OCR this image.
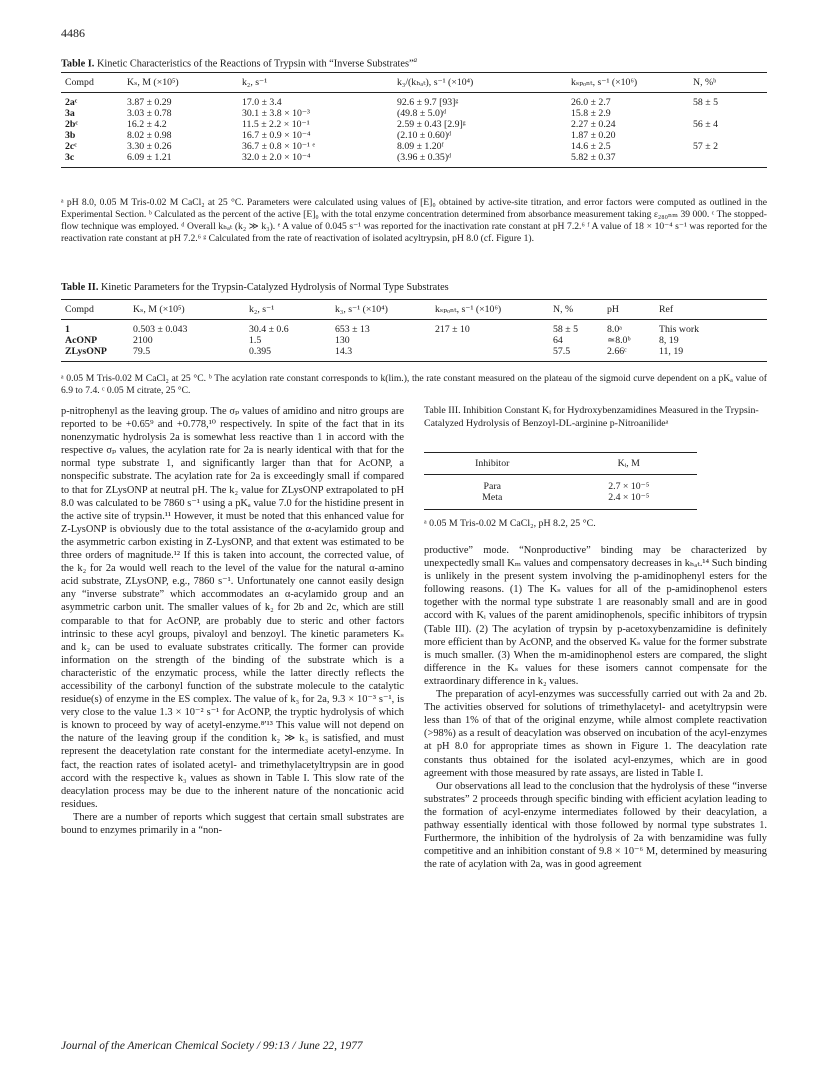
4486
Table I. Kinetic Characteristics of the Reactions of Trypsin with “Inverse Substrates”$^a$
Compd	Kₛ, M (×10⁵)	k₂, s⁻¹	k₃/(kₕₐₜ), s⁻¹ (×10⁴)	kₛₚₒₙₜ, s⁻¹ (×10⁶)	N, %ᵇ
2aᶜ	3.87 ± 0.29	17.0 ± 3.4	92.6 ± 9.7 [93]ᵍ	26.0 ± 2.7	58 ± 5
3a	3.03 ± 0.78	30.1 ± 3.8 × 10⁻³	(49.8 ± 5.0)ᵈ	15.8 ± 2.9	
2bᶜ	16.2 ± 4.2	11.5 ± 2.2 × 10⁻¹	2.59 ± 0.43 [2.9]ᵍ	2.27 ± 0.24	56 ± 4
3b	8.02 ± 0.98	16.7 ± 0.9 × 10⁻⁴	(2.10 ± 0.60)ᵈ	1.87 ± 0.20	
2cᶜ	3.30 ± 0.26	36.7 ± 0.8 × 10⁻¹ ᵉ	8.09 ± 1.20ᶠ	14.6 ± 2.5	57 ± 2
3c	6.09 ± 1.21	32.0 ± 2.0 × 10⁻⁴	(3.96 ± 0.35)ᵈ	5.82 ± 0.37	
ᵃ pH 8.0, 0.05 M Tris-0.02 M CaCl₂ at 25 °C. Parameters were calculated using values of [E]₀ obtained by active-site titration, and error factors were computed as outlined in the Experimental Section. ᵇ Calculated as the percent of the active [E]₀ with the total enzyme concentration determined from absorbance measurement taking ε₂₈₀ₙₘ 39 000. ᶜ The stopped-flow technique was employed. ᵈ Overall kₕₐₜ (k₂ ≫ k₃). ᵉ A value of 0.045 s⁻¹ was reported for the inactivation rate constant at pH 7.2.⁶ ᶠ A value of 18 × 10⁻⁴ s⁻¹ was reported for the reactivation rate constant at pH 7.2.⁶ ᵍ Calculated from the rate of reactivation of isolated acyltrypsin, pH 8.0 (cf. Figure 1).
Table II. Kinetic Parameters for the Trypsin-Catalyzed Hydrolysis of Normal Type Substrates
Compd	Kₛ, M (×10⁵)	k₂, s⁻¹	k₃, s⁻¹ (×10⁴)	kₛₚₒₙₜ, s⁻¹ (×10⁶)	N, %	pH	Ref
1	0.503 ± 0.043	30.4 ± 0.6	653 ± 13	217 ± 10	58 ± 5	8.0ᵃ	This work
AcONP	2100	1.5	130		64	≃8.0ᵇ	8, 19
ZLysONP	79.5	0.395	14.3		57.5	2.66ᶜ	11, 19
ᵃ 0.05 M Tris-0.02 M CaCl₂ at 25 °C. ᵇ The acylation rate constant corresponds to k(lim.), the rate constant measured on the plateau of the sigmoid curve dependent on a pKₐ value of 6.9 to 7.4. ᶜ 0.05 M citrate, 25 °C.

p-nitrophenyl as the leaving group. The σₚ values of amidino and nitro groups are reported to be +0.65⁹ and +0.778,¹⁰ respectively. In spite of the fact that in its nonenzymatic hydrolysis 2a is somewhat less reactive than 1 in accord with the respective σₚ values, the acylation rate for 2a is nearly identical with that for the normal type substrate 1, and significantly larger than that for AcONP, a nonspecific substrate. The acylation rate for 2a is exceedingly small if compared to that for ZLysONP at neutral pH. The k₂ value for ZLysONP extrapolated to pH 8.0 was calculated to be 7860 s⁻¹ using a pKₐ value 7.0 for the histidine present in the active site of trypsin.¹¹ However, it must be noted that this enhanced value for Z-LysONP is obviously due to the total assistance of the α-acylamido group and the asymmetric carbon existing in Z-LysONP, and that extent was estimated to be three orders of magnitude.¹² If this is taken into account, the corrected value, of the k₂ for 2a would well reach to the level of the value for the natural α-amino acid substrate, ZLysONP, e.g., 7860 s⁻¹. Unfortunately one cannot easily design any “inverse substrate” which accommodates an α-acylamido group and an asymmetric carbon unit. The smaller values of k₂ for 2b and 2c, which are still comparable to that for AcONP, are probably due to steric and other factors intrinsic to these acyl groups, pivaloyl and benzoyl. The kinetic parameters Kₛ and k₂ can be used to evaluate substrates critically. The former can provide information on the strength of the binding of the substrate which is a characteristic of the enzymatic process, while the latter directly reflects the accessibility of the carbonyl function of the substrate molecule to the catalytic residue(s) of enzyme in the ES complex. The value of k₃ for 2a, 9.3 × 10⁻³ s⁻¹, is very close to the value 1.3 × 10⁻² s⁻¹ for AcONP, the tryptic hydrolysis of which is known to proceed by way of acetyl-enzyme.⁸ʹ¹³ This value will not depend on the nature of the leaving group if the condition k₂ ≫ k₃ is satisfied, and must represent the deacetylation rate constant for the intermediate acetyl-enzyme. In fact, the reaction rates of isolated acetyl- and trimethylacetyltrypsin are in good accord with the respective k₃ values as shown in Table I. This slow rate of the deacylation process may be due to the inherent nature of the noncationic acid residues.

There are a number of reports which suggest that certain small substrates are bound to enzymes primarily in a “non-

Table III. Inhibition Constant Kᵢ for Hydroxybenzamidines Measured in the Trypsin-Catalyzed Hydrolysis of Benzoyl-DL-arginine p-Nitroanilideᵃ
Inhibitor	Kᵢ, M
Para	2.7 × 10⁻⁵
Meta	2.4 × 10⁻⁵
ᵃ 0.05 M Tris-0.02 M CaCl₂, pH 8.2, 25 °C.

productive” mode. “Nonproductive” binding may be characterized by unexpectedly small Kₘ values and compensatory decreases in kₕₐₜ.¹⁴ Such binding is unlikely in the present system involving the p-amidinophenyl esters for the following reasons. (1) The Kₛ values for all of the p-amidinophenol esters together with the normal type substrate 1 are reasonably small and are in good accord with Kᵢ values of the parent amidinophenols, specific inhibitors of trypsin (Table III). (2) The acylation of trypsin by p-acetoxybenzamidine is definitely more efficient than by AcONP, and the observed Kₛ value for the former substrate is much smaller. (3) When the m-amidinophenol esters are compared, the slight difference in the Kₛ values for these isomers cannot compensate for the extraordinary difference in k₂ values.

The preparation of acyl-enzymes was successfully carried out with 2a and 2b. The activities observed for solutions of trimethylacetyl- and acetyltrypsin were less than 1% of that of the original enzyme, while almost complete reactivation (>98%) as a result of deacylation was observed on incubation of the acyl-enzymes at pH 8.0 for appropriate times as shown in Figure 1. The deacylation rate constants thus obtained for the isolated acyl-enzymes, which are in good agreement with those measured by rate assays, are listed in Table I.

Our observations all lead to the conclusion that the hydrolysis of these “inverse substrates” 2 proceeds through specific binding with efficient acylation leading to the formation of acyl-enzyme intermediates followed by their deacylation, a pathway essentially identical with those followed by normal type substrates 1. Furthermore, the inhibition of the hydrolysis of 2a with benzamidine was fully competitive and an inhibition constant of 9.8 × 10⁻⁶ M, determined by measuring the rate of acylation with 2a, was in good agreement

Journal of the American Chemical Society / 99:13 / June 22, 1977
